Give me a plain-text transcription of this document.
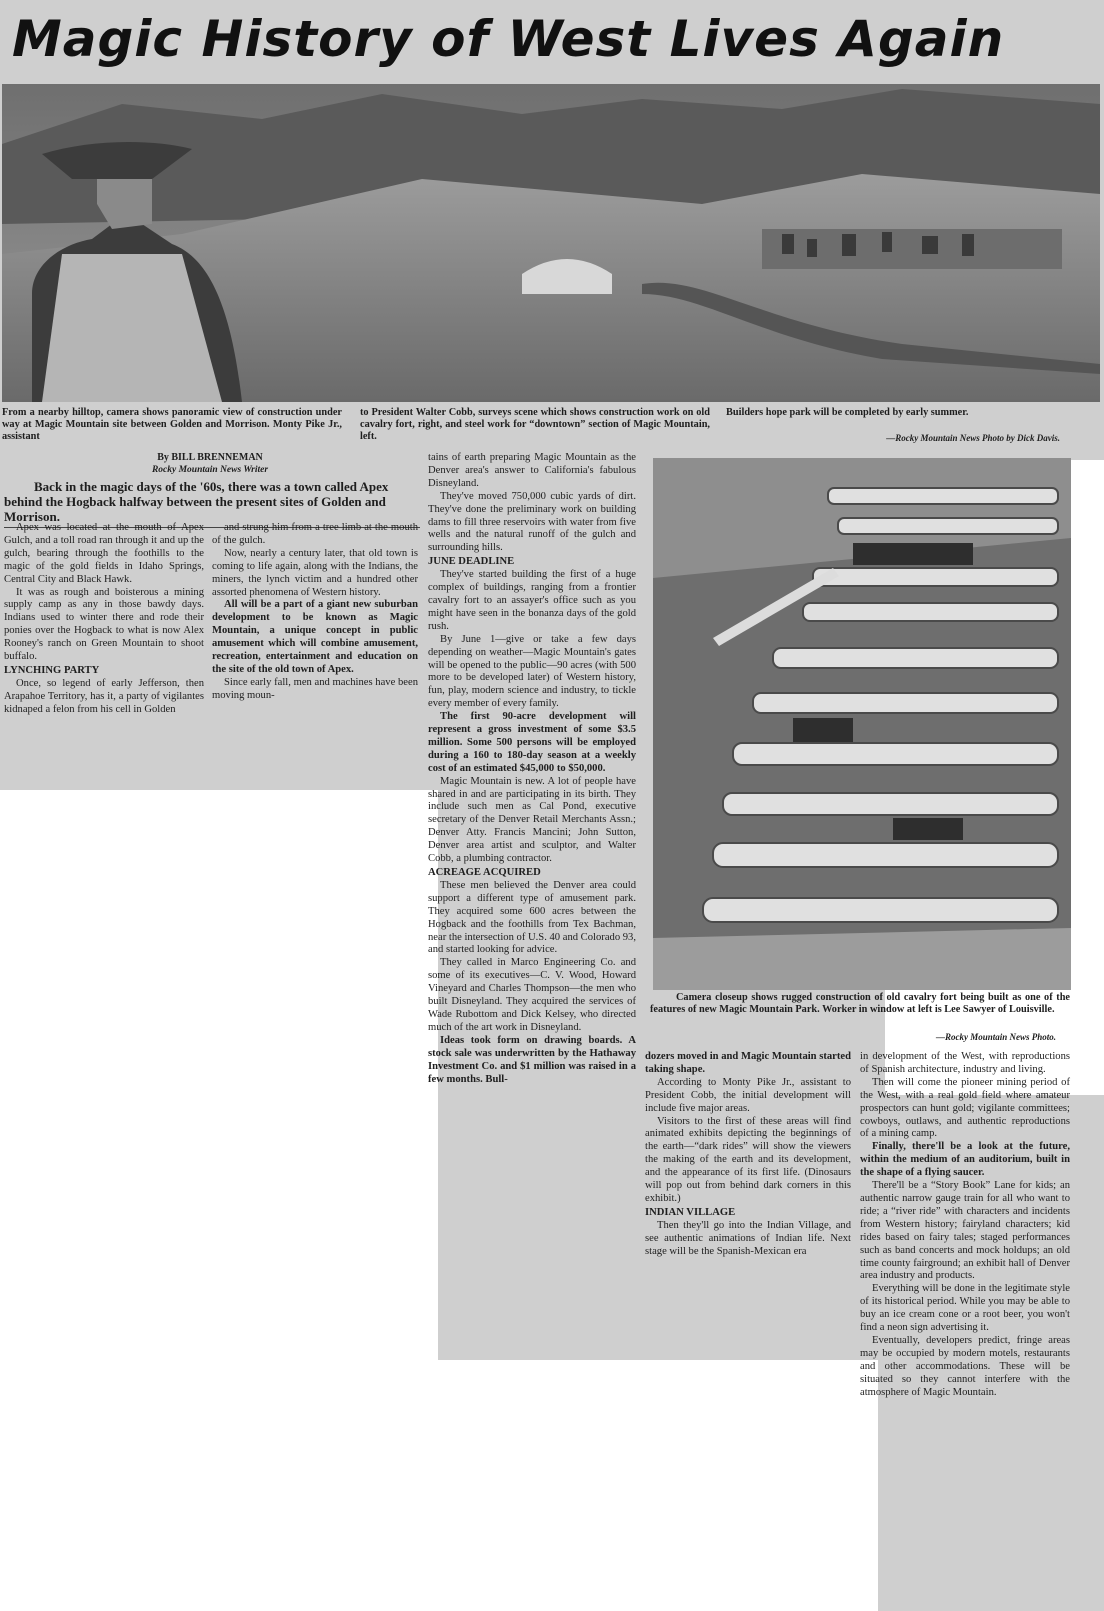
Magic History of West Lives Again
From a nearby hilltop, camera shows panoramic view of construction under way at Magic Mountain site between Golden and Morrison. Monty Pike Jr., assistant
to President Walter Cobb, surveys scene which shows construction work on old cavalry fort, right, and steel work for “downtown” section of Magic Mountain, left.
Builders hope park will be completed by early summer.
—Rocky Mountain News Photo by Dick Davis.
By BILL BRENNEMAN
Rocky Mountain News Writer
Back in the magic days of the '60s, there was a town called Apex behind the Hogback halfway between the present sites of Golden and Morrison.

Apex was located at the mouth of Apex Gulch, and a toll road ran through it and up the gulch, bearing through the foothills to the magic of the gold fields in Idaho Springs, Central City and Black Hawk.

It was as rough and boisterous a mining supply camp as any in those bawdy days. Indians used to winter there and rode their ponies over the Hogback to what is now Alex Rooney's ranch on Green Mountain to shoot buffalo.

LYNCHING PARTY

Once, so legend of early Jefferson, then Arapahoe Territory, has it, a party of vigilantes kidnaped a felon from his cell in Golden

and strung him from a tree limb at the mouth of the gulch.

Now, nearly a century later, that old town is coming to life again, along with the Indians, the miners, the lynch victim and a hundred other assorted phenomena of Western history.

All will be a part of a giant new suburban development to be known as Magic Mountain, a unique concept in public amusement which will combine amusement, recreation, entertainment and education on the site of the old town of Apex.

Since early fall, men and machines have been moving moun-

tains of earth preparing Magic Mountain as the Denver area's answer to California's fabulous Disneyland.

They've moved 750,000 cubic yards of dirt. They've done the preliminary work on building dams to fill three reservoirs with water from five wells and the natural runoff of the gulch and surrounding hills.

JUNE DEADLINE

They've started building the first of a huge complex of buildings, ranging from a frontier cavalry fort to an assayer's office such as you might have seen in the bonanza days of the gold rush.

By June 1—give or take a few days depending on weather—Magic Mountain's gates will be opened to the public—90 acres (with 500 more to be developed later) of Western history, fun, play, modern science and industry, to tickle every member of every family.

The first 90-acre development will represent a gross investment of some $3.5 million. Some 500 persons will be employed during a 160 to 180-day season at a weekly cost of an estimated $45,000 to $50,000.

Magic Mountain is new. A lot of people have shared in and are participating in its birth. They include such men as Cal Pond, executive secretary of the Denver Retail Merchants Assn.; Denver Atty. Francis Mancini; John Sutton, Denver area artist and sculptor, and Walter Cobb, a plumbing contractor.

ACREAGE ACQUIRED

These men believed the Denver area could support a different type of amusement park. They acquired some 600 acres between the Hogback and the foothills from Tex Bachman, near the intersection of U.S. 40 and Colorado 93, and started looking for advice.

They called in Marco Engineering Co. and some of its executives—C. V. Wood, Howard Vineyard and Charles Thompson—the men who built Disneyland. They acquired the services of Wade Rubottom and Dick Kelsey, who directed much of the art work in Disneyland.

Ideas took form on drawing boards. A stock sale was underwritten by the Hathaway Investment Co. and $1 million was raised in a few months. Bull-

Camera closeup shows rugged construction of old cavalry fort being built as one of the features of new Magic Mountain Park. Worker in window at left is Lee Sawyer of Louisville.
—Rocky Mountain News Photo.

dozers moved in and Magic Mountain started taking shape.

According to Monty Pike Jr., assistant to President Cobb, the initial development will include five major areas.

Visitors to the first of these areas will find animated exhibits depicting the beginnings of the earth—“dark rides” will show the viewers the making of the earth and its development, and the appearance of its first life. (Dinosaurs will pop out from behind dark corners in this exhibit.)

INDIAN VILLAGE

Then they'll go into the Indian Village, and see authentic animations of Indian life. Next stage will be the Spanish-Mexican era

in development of the West, with reproductions of Spanish architecture, industry and living.

Then will come the pioneer mining period of the West, with a real gold field where amateur prospectors can hunt gold; vigilante committees; cowboys, outlaws, and authentic reproductions of a mining camp.

Finally, there'll be a look at the future, within the medium of an auditorium, built in the shape of a flying saucer.

There'll be a “Story Book” Lane for kids; an authentic narrow gauge train for all who want to ride; a “river ride” with characters and incidents from Western history; fairyland characters; kid rides based on fairy tales; staged performances such as band concerts and mock holdups; an old time county fairground; an exhibit hall of Denver area industry and products.

Everything will be done in the legitimate style of its historical period. While you may be able to buy an ice cream cone or a root beer, you won't find a neon sign advertising it.

Eventually, developers predict, fringe areas may be occupied by modern motels, restaurants and other accommodations. These will be situated so they cannot interfere with the atmosphere of Magic Mountain.
